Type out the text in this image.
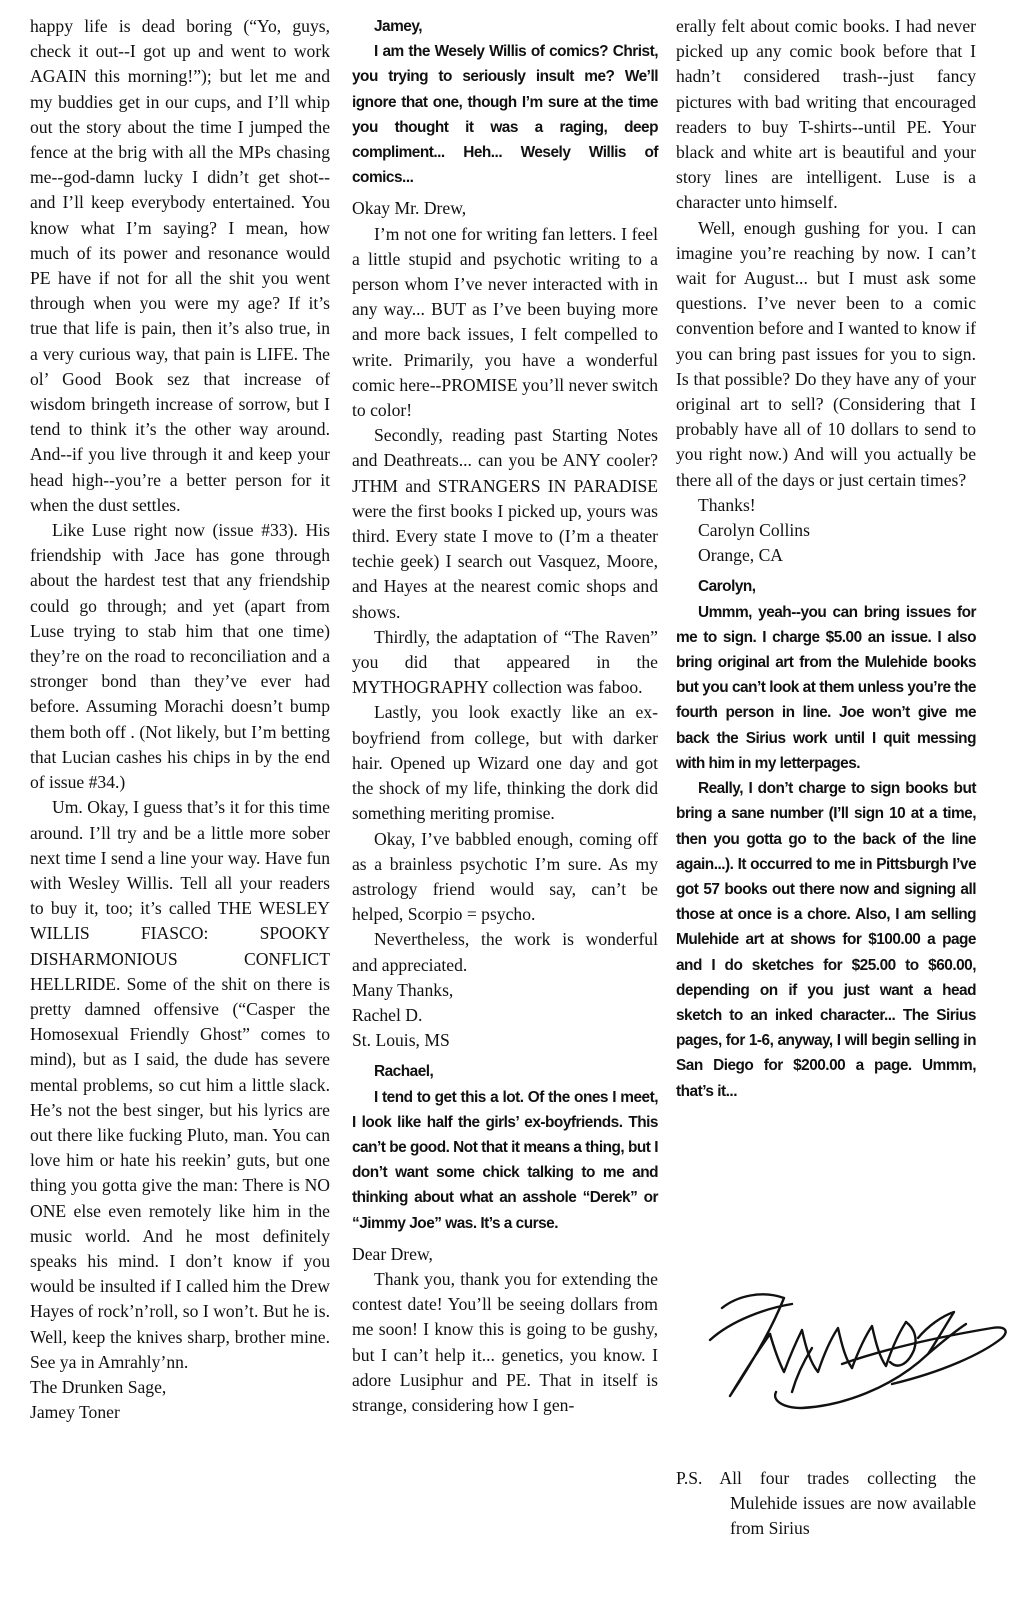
happy life is dead boring (“Yo, guys, check it out--I got up and went to work AGAIN this morning!”); but let me and my buddies get in our cups, and I’ll whip out the story about the time I jumped the fence at the brig with all the MPs chasing me--god-damn lucky I didn’t get shot--and I’ll keep everybody entertained. You know what I’m saying? I mean, how much of its power and resonance would PE have if not for all the shit you went through when you were my age? If it’s true that life is pain, then it’s also true, in a very curious way, that pain is LIFE. The ol’ Good Book sez that increase of wisdom bringeth increase of sorrow, but I tend to think it’s the other way around. And--if you live through it and keep your head high--you’re a better person for it when the dust settles.

Like Luse right now (issue #33). His friendship with Jace has gone through about the hardest test that any friendship could go through; and yet (apart from Luse trying to stab him that one time) they’re on the road to reconciliation and a stronger bond than they’ve ever had before. Assuming Morachi doesn’t bump them both off . (Not likely, but I’m betting that Lucian cashes his chips in by the end of issue #34.)

Um. Okay, I guess that’s it for this time around. I’ll try and be a little more sober next time I send a line your way. Have fun with Wesley Willis. Tell all your readers to buy it, too; it’s called THE WESLEY WILLIS FIASCO: SPOOKY DISHARMONIOUS CONFLICT HELLRIDE. Some of the shit on there is pretty damned offensive (“Casper the Homosexual Friendly Ghost” comes to mind), but as I said, the dude has severe mental problems, so cut him a little slack. He’s not the best singer, but his lyrics are out there like fucking Pluto, man. You can love him or hate his reekin’ guts, but one thing you gotta give the man: There is NO ONE else even remotely like him in the music world. And he most definitely speaks his mind. I don’t know if you would be insulted if I called him the Drew Hayes of rock’n’roll, so I won’t. But he is. Well, keep the knives sharp, brother mine. See ya in Amrahly’nn.

The Drunken Sage,

Jamey Toner

Jamey,

I am the Wesely Willis of comics? Christ, you trying to seriously insult me? We’ll ignore that one, though I’m sure at the time you thought it was a raging, deep compliment... Heh... Wesely Willis of comics...

Okay Mr. Drew,

I’m not one for writing fan letters. I feel a little stupid and psychotic writing to a person whom I’ve never interacted with in any way... BUT as I’ve been buying more and more back issues, I felt compelled to write. Primarily, you have a wonderful comic here--PROMISE you’ll never switch to color!

Secondly, reading past Starting Notes and Deathreats... can you be ANY cooler? JTHM and STRANGERS IN PARADISE were the first books I picked up, yours was third. Every state I move to (I’m a theater techie geek) I search out Vasquez, Moore, and Hayes at the nearest comic shops and shows.

Thirdly, the adaptation of “The Raven” you did that appeared in the MYTHOGRAPHY collection was faboo.

Lastly, you look exactly like an ex-boyfriend from college, but with darker hair. Opened up Wizard one day and got the shock of my life, thinking the dork did something meriting promise.

Okay, I’ve babbled enough, coming off as a brainless psychotic I’m sure. As my astrology friend would say, can’t be helped, Scorpio = psycho.

Nevertheless, the work is wonderful and appreciated.

Many Thanks,

Rachel D.

St. Louis, MS

Rachael,

I tend to get this a lot. Of the ones I meet, I look like half the girls’ ex-boyfriends. This can’t be good. Not that it means a thing, but I don’t want some chick talking to me and thinking about what an asshole “Derek” or “Jimmy Joe” was. It’s a curse.

Dear Drew,

Thank you, thank you for extending the contest date! You’ll be seeing dollars from me soon! I know this is going to be gushy, but I can’t help it... genetics, you know. I adore Lusiphur and PE. That in itself is strange, considering how I gen-

erally felt about comic books. I had never picked up any comic book before that I hadn’t considered trash--just fancy pictures with bad writing that encouraged readers to buy T-shirts--until PE. Your black and white art is beautiful and your story lines are intelligent. Luse is a character unto himself.

Well, enough gushing for you. I can imagine you’re reaching by now. I can’t wait for August... but I must ask some questions. I’ve never been to a comic convention before and I wanted to know if you can bring past issues for you to sign. Is that possible? Do they have any of your original art to sell? (Considering that I probably have all of 10 dollars to send to you right now.) And will you actually be there all of the days or just certain times?

Thanks!

Carolyn Collins

Orange, CA

Carolyn,

Ummm, yeah--you can bring issues for me to sign. I charge $5.00 an issue. I also bring original art from the Mulehide books but you can’t look at them unless you’re the fourth person in line. Joe won’t give me back the Sirius work until I quit messing with him in my letterpages.

Really, I don’t charge to sign books but bring a sane number (I’ll sign 10 at a time, then you gotta go to the back of the line again...). It occurred to me in Pittsburgh I’ve got 57 books out there now and signing all those at once is a chore. Also, I am selling Mulehide art at shows for $100.00 a page and I do sketches for $25.00 to $60.00, depending on if you just want a head sketch to an inked character... The Sirius pages, for 1-6, anyway, I will begin selling in San Diego for $200.00 a page. Ummm, that’s it...

P.S. All four trades collecting the Mulehide issues are now available from Sirius
